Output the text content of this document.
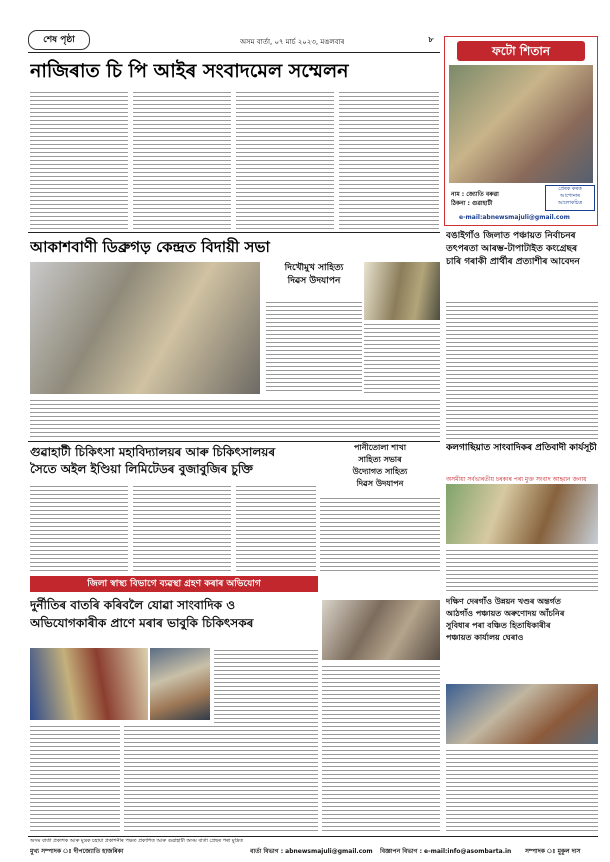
শেষ পৃষ্ঠা	অসম বাৰ্তা, ০৭ মাৰ্চ ২০২৩, মঙলবাৰ	৮
নাজিৰাত চি পি আইৰ সংবাদমেল সম্মেলন
ফটো শিতান
নাম : জ্যোতি বৰুৱা
ঠিকনা : গুৱাহাটী
প্ৰেৰক কৰক
আপোনাৰ
আলোকচিত্ৰ
e-mail:abnewsmajuli@gmail.com
আকাশবাণী ডিব্ৰুগড় কেন্দ্ৰত বিদায়ী সভা
দিখৌমুখ সাহিত্য
দিৱস উদযাপন
গুৱাহাটী চিকিৎসা মহাবিদ্যালয়ৰ আৰু চিকিৎসালয়ৰ
সৈতে অইল ইণ্ডিয়া লিমিটেডৰ বুজাবুজিৰ চুক্তি
পানীতোলা শাখা
সাহিত্য সভাৰ
উদ্যোগত সাহিত্য
দিৱস উদযাপন
জিলা স্বাস্থ্য বিভাগে ব্যৱস্থা গ্ৰহণ কৰাৰ অভিযোগ
দুৰ্নীতিৰ বাতৰি কৰিবলৈ যোৱা সাংবাদিক ও
অভিযোগকাৰীক প্ৰাণে মৰাৰ ভাবুকি চিকিৎসকৰ
বঙাইগাঁও জিলাত পঞ্চায়ত নিৰ্বাচনৰ
তৎপৰতা আৰম্ভ-টাপাটাইত কংগ্ৰেছৰ
চাৰি গৰাকী প্ৰাৰ্থীৰ প্ৰত্যাশীৰ আবেদন
কলগাছিয়াত সাংবাদিকৰ প্ৰতিবাদী কাৰ্যসূচী
অসমীয়া সৰ্বভাৰতীয় চৰকাৰ পৰা মুক্ত সংবাদ আহ্বান জনায়
দক্ষিণ দেৰগাঁও উন্নয়ন খণ্ডৰ অন্তৰ্গত
আঠগাঁও পঞ্চায়ত অৰুণোদয় আঁচনিৰ
সুবিধাৰ পৰা বঞ্চিত হিতাধিকাৰীৰ
পঞ্চায়ত কাৰ্যালয় ঘেৰাও
অসম বাৰ্তা প্ৰকাশক আৰু মুদ্ৰক চহায়া প্ৰকাশনীৰ পক্ষত প্ৰকাশিত আৰু গুৱাহাটী অসম বাৰ্তা প্ৰেছৰ পৰা মুদ্ৰিত
মুখ্য সম্পাদক ঃ দীপজ্যোতি হাজৰিকা	বাৰ্তা বিভাগ : abnewsmajuli@gmail.com	বিজ্ঞাপন বিভাগ : e-mail:info@asombarta.in	সম্পাদক ঃ মুকুল দাস
